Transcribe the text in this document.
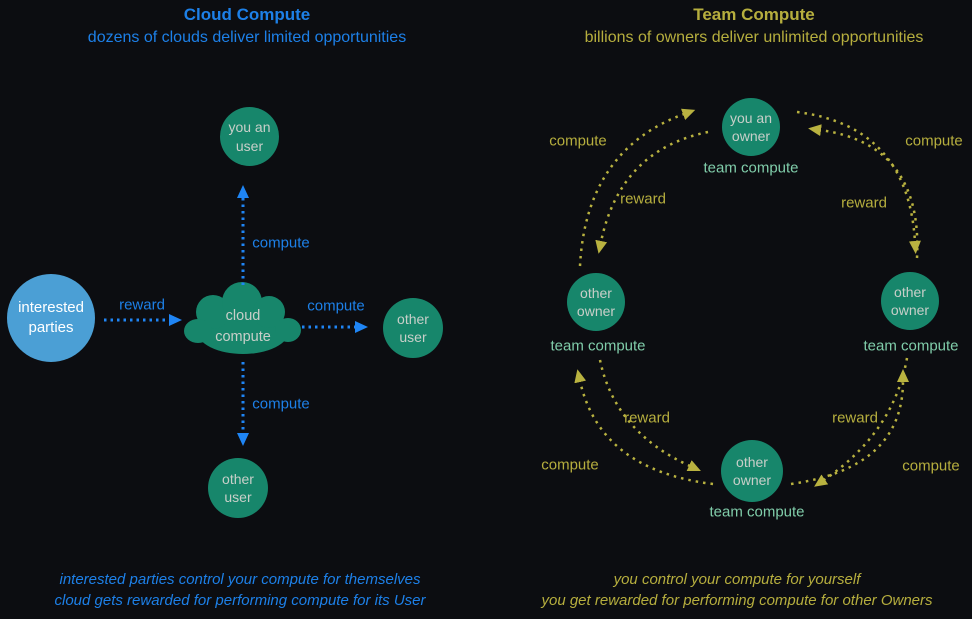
Cloud Compute
dozens of clouds deliver limited opportunities
interested
parties
cloud
compute
you an
user
other
user
other
user
reward
compute
compute
compute
interested parties control your compute for themselves
cloud gets rewarded for performing compute for its User
Team Compute
billions of owners deliver unlimited opportunities
you an
owner
team compute
other
owner
team compute
other
owner
team compute
other
owner
team compute
compute
reward
compute
reward
reward
compute
reward
compute
you control your compute for yourself
you get rewarded for performing compute for other Owners
